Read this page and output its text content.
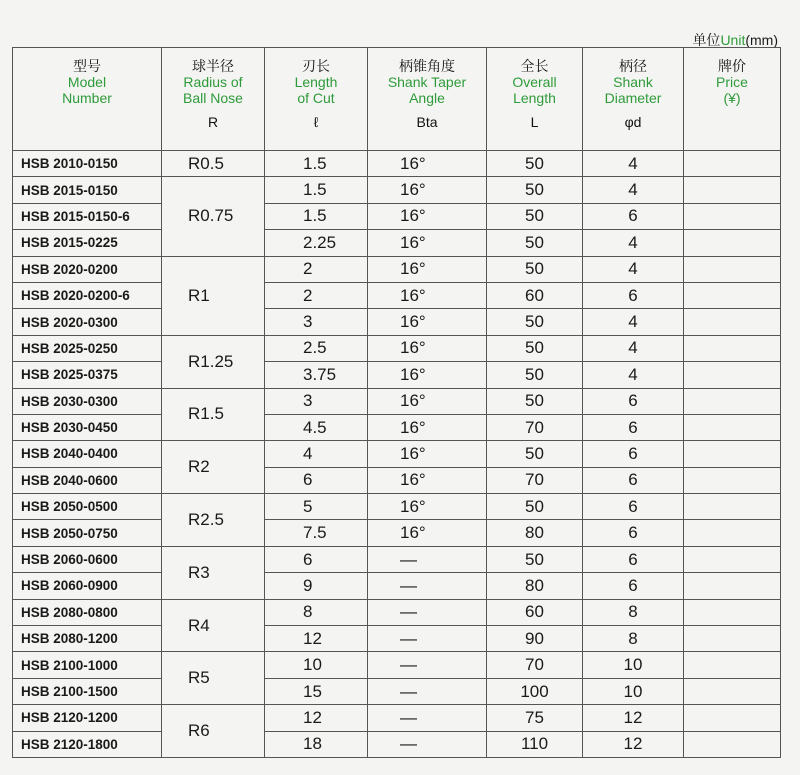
单位Unit(mm)
型号
Model
Number	球半径
Radius of
Ball Nose
R	刃长
Length
of Cut
ℓ	柄锥角度
Shank Taper
Angle
Bta	全长
Overall
Length
L	柄径
Shank
Diameter
φd	牌价
Price
(¥)

HSB 2010-0150	R0.5	1.5	16°	50	4	
HSB 2015-0150	R0.75	1.5	16°	50	4	
HSB 2015-0150-6		1.5	16°	50	6	
HSB 2015-0225		2.25	16°	50	4	
HSB 2020-0200	R1	2	16°	50	4	
HSB 2020-0200-6		2	16°	60	6	
HSB 2020-0300		3	16°	50	4	
HSB 2025-0250	R1.25	2.5	16°	50	4	
HSB 2025-0375		3.75	16°	50	4	
HSB 2030-0300	R1.5	3	16°	50	6	
HSB 2030-0450		4.5	16°	70	6	
HSB 2040-0400	R2	4	16°	50	6	
HSB 2040-0600		6	16°	70	6	
HSB 2050-0500	R2.5	5	16°	50	6	
HSB 2050-0750		7.5	16°	80	6	
HSB 2060-0600	R3	6	—	50	6	
HSB 2060-0900		9	—	80	6	
HSB 2080-0800	R4	8	—	60	8	
HSB 2080-1200		12	—	90	8	
HSB 2100-1000	R5	10	—	70	10	
HSB 2100-1500		15	—	100	10	
HSB 2120-1200	R6	12	—	75	12	
HSB 2120-1800		18	—	110	12	
